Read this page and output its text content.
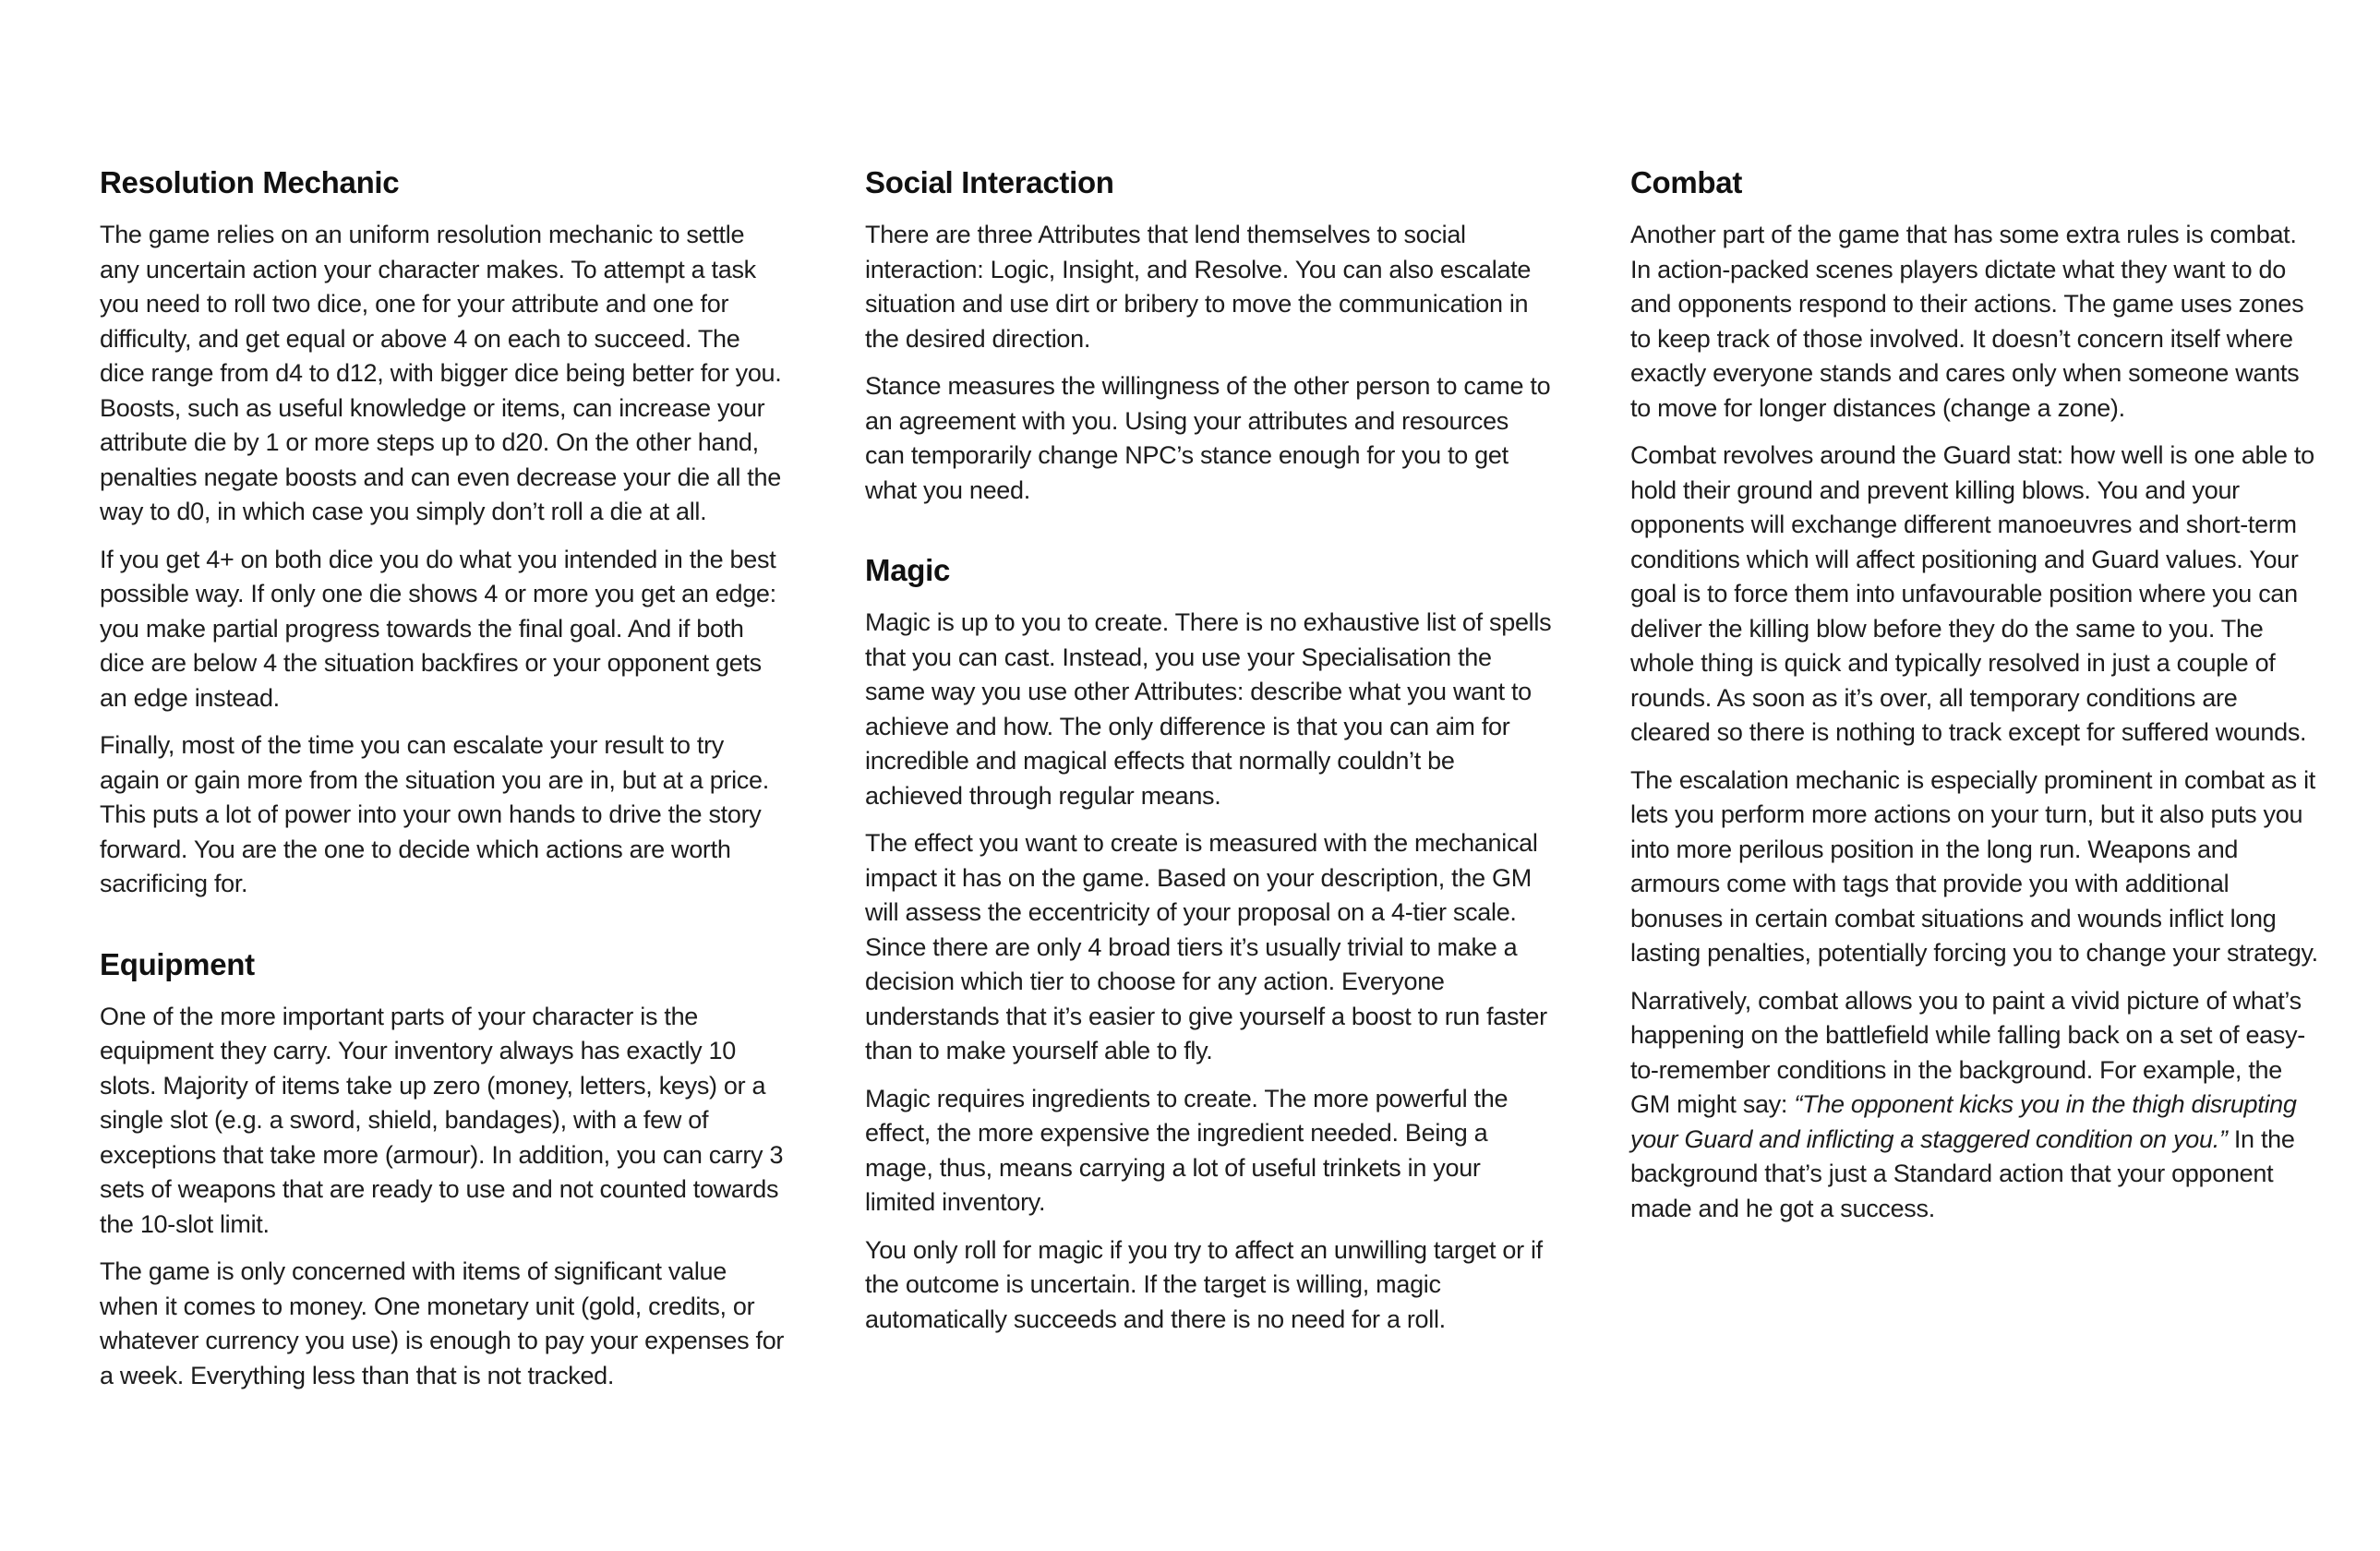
Resolution Mechanic

The game relies on an uniform resolution mechanic to settle any uncertain action your character makes. To attempt a task you need to roll two dice, one for your attribute and one for difficulty, and get equal or above 4 on each to succeed. The dice range from d4 to d12, with bigger dice being better for you. Boosts, such as useful knowledge or items, can increase your attribute die by 1 or more steps up to d20. On the other hand, penalties negate boosts and can even decrease your die all the way to d0, in which case you simply don’t roll a die at all.

If you get 4+ on both dice you do what you intended in the best possible way. If only one die shows 4 or more you get an edge: you make partial progress towards the final goal. And if both dice are below 4 the situation backfires or your opponent gets an edge instead.

Finally, most of the time you can escalate your result to try again or gain more from the situation you are in, but at a price. This puts a lot of power into your own hands to drive the story forward. You are the one to decide which actions are worth sacrificing for.

Equipment

One of the more important parts of your character is the equipment they carry. Your inventory always has exactly 10 slots. Majority of items take up zero (money, letters, keys) or a single slot (e.g. a sword, shield, bandages), with a few of exceptions that take more (armour). In addition, you can carry 3 sets of weapons that are ready to use and not counted towards the 10-slot limit.

The game is only concerned with items of significant value when it comes to money. One monetary unit (gold, credits, or whatever currency you use) is enough to pay your expenses for a week. Everything less than that is not tracked.

Social Interaction

There are three Attributes that lend themselves to social interaction: Logic, Insight, and Resolve. You can also escalate situation and use dirt or bribery to move the communication in the desired direction.

Stance measures the willingness of the other person to came to an agreement with you. Using your attributes and resources can temporarily change NPC’s stance enough for you to get what you need.

Magic

Magic is up to you to create. There is no exhaustive list of spells that you can cast. Instead, you use your Specialisation the same way you use other Attributes: describe what you want to achieve and how. The only difference is that you can aim for incredible and magical effects that normally couldn’t be achieved through regular means.

The effect you want to create is measured with the mechanical impact it has on the game. Based on your description, the GM will assess the eccentricity of your proposal on a 4-tier scale. Since there are only 4 broad tiers it’s usually trivial to make a decision which tier to choose for any action. Everyone understands that it’s easier to give yourself a boost to run faster than to make yourself able to fly.

Magic requires ingredients to create. The more powerful the effect, the more expensive the ingredient needed. Being a mage, thus, means carrying a lot of useful trinkets in your limited inventory.

You only roll for magic if you try to affect an unwilling target or if the outcome is uncertain. If the target is willing, magic automatically succeeds and there is no need for a roll.

Combat

Another part of the game that has some extra rules is combat. In action-packed scenes players dictate what they want to do and opponents respond to their actions. The game uses zones to keep track of those involved. It doesn’t concern itself where exactly everyone stands and cares only when someone wants to move for longer distances (change a zone).

Combat revolves around the Guard stat: how well is one able to hold their ground and prevent killing blows. You and your opponents will exchange different manoeuvres and short-term conditions which will affect positioning and Guard values. Your goal is to force them into unfavourable position where you can deliver the killing blow before they do the same to you. The whole thing is quick and typically resolved in just a couple of rounds. As soon as it’s over, all temporary conditions are cleared so there is nothing to track except for suffered wounds.

The escalation mechanic is especially prominent in combat as it lets you perform more actions on your turn, but it also puts you into more perilous position in the long run. Weapons and armours come with tags that provide you with additional bonuses in certain combat situations and wounds inflict long lasting penalties, potentially forcing you to change your strategy.

Narratively, combat allows you to paint a vivid picture of what’s happening on the battlefield while falling back on a set of easy-to-remember conditions in the background. For example, the GM might say: “The opponent kicks you in the thigh disrupting your Guard and inflicting a staggered condition on you.” In the background that’s just a Standard action that your opponent made and he got a success.
